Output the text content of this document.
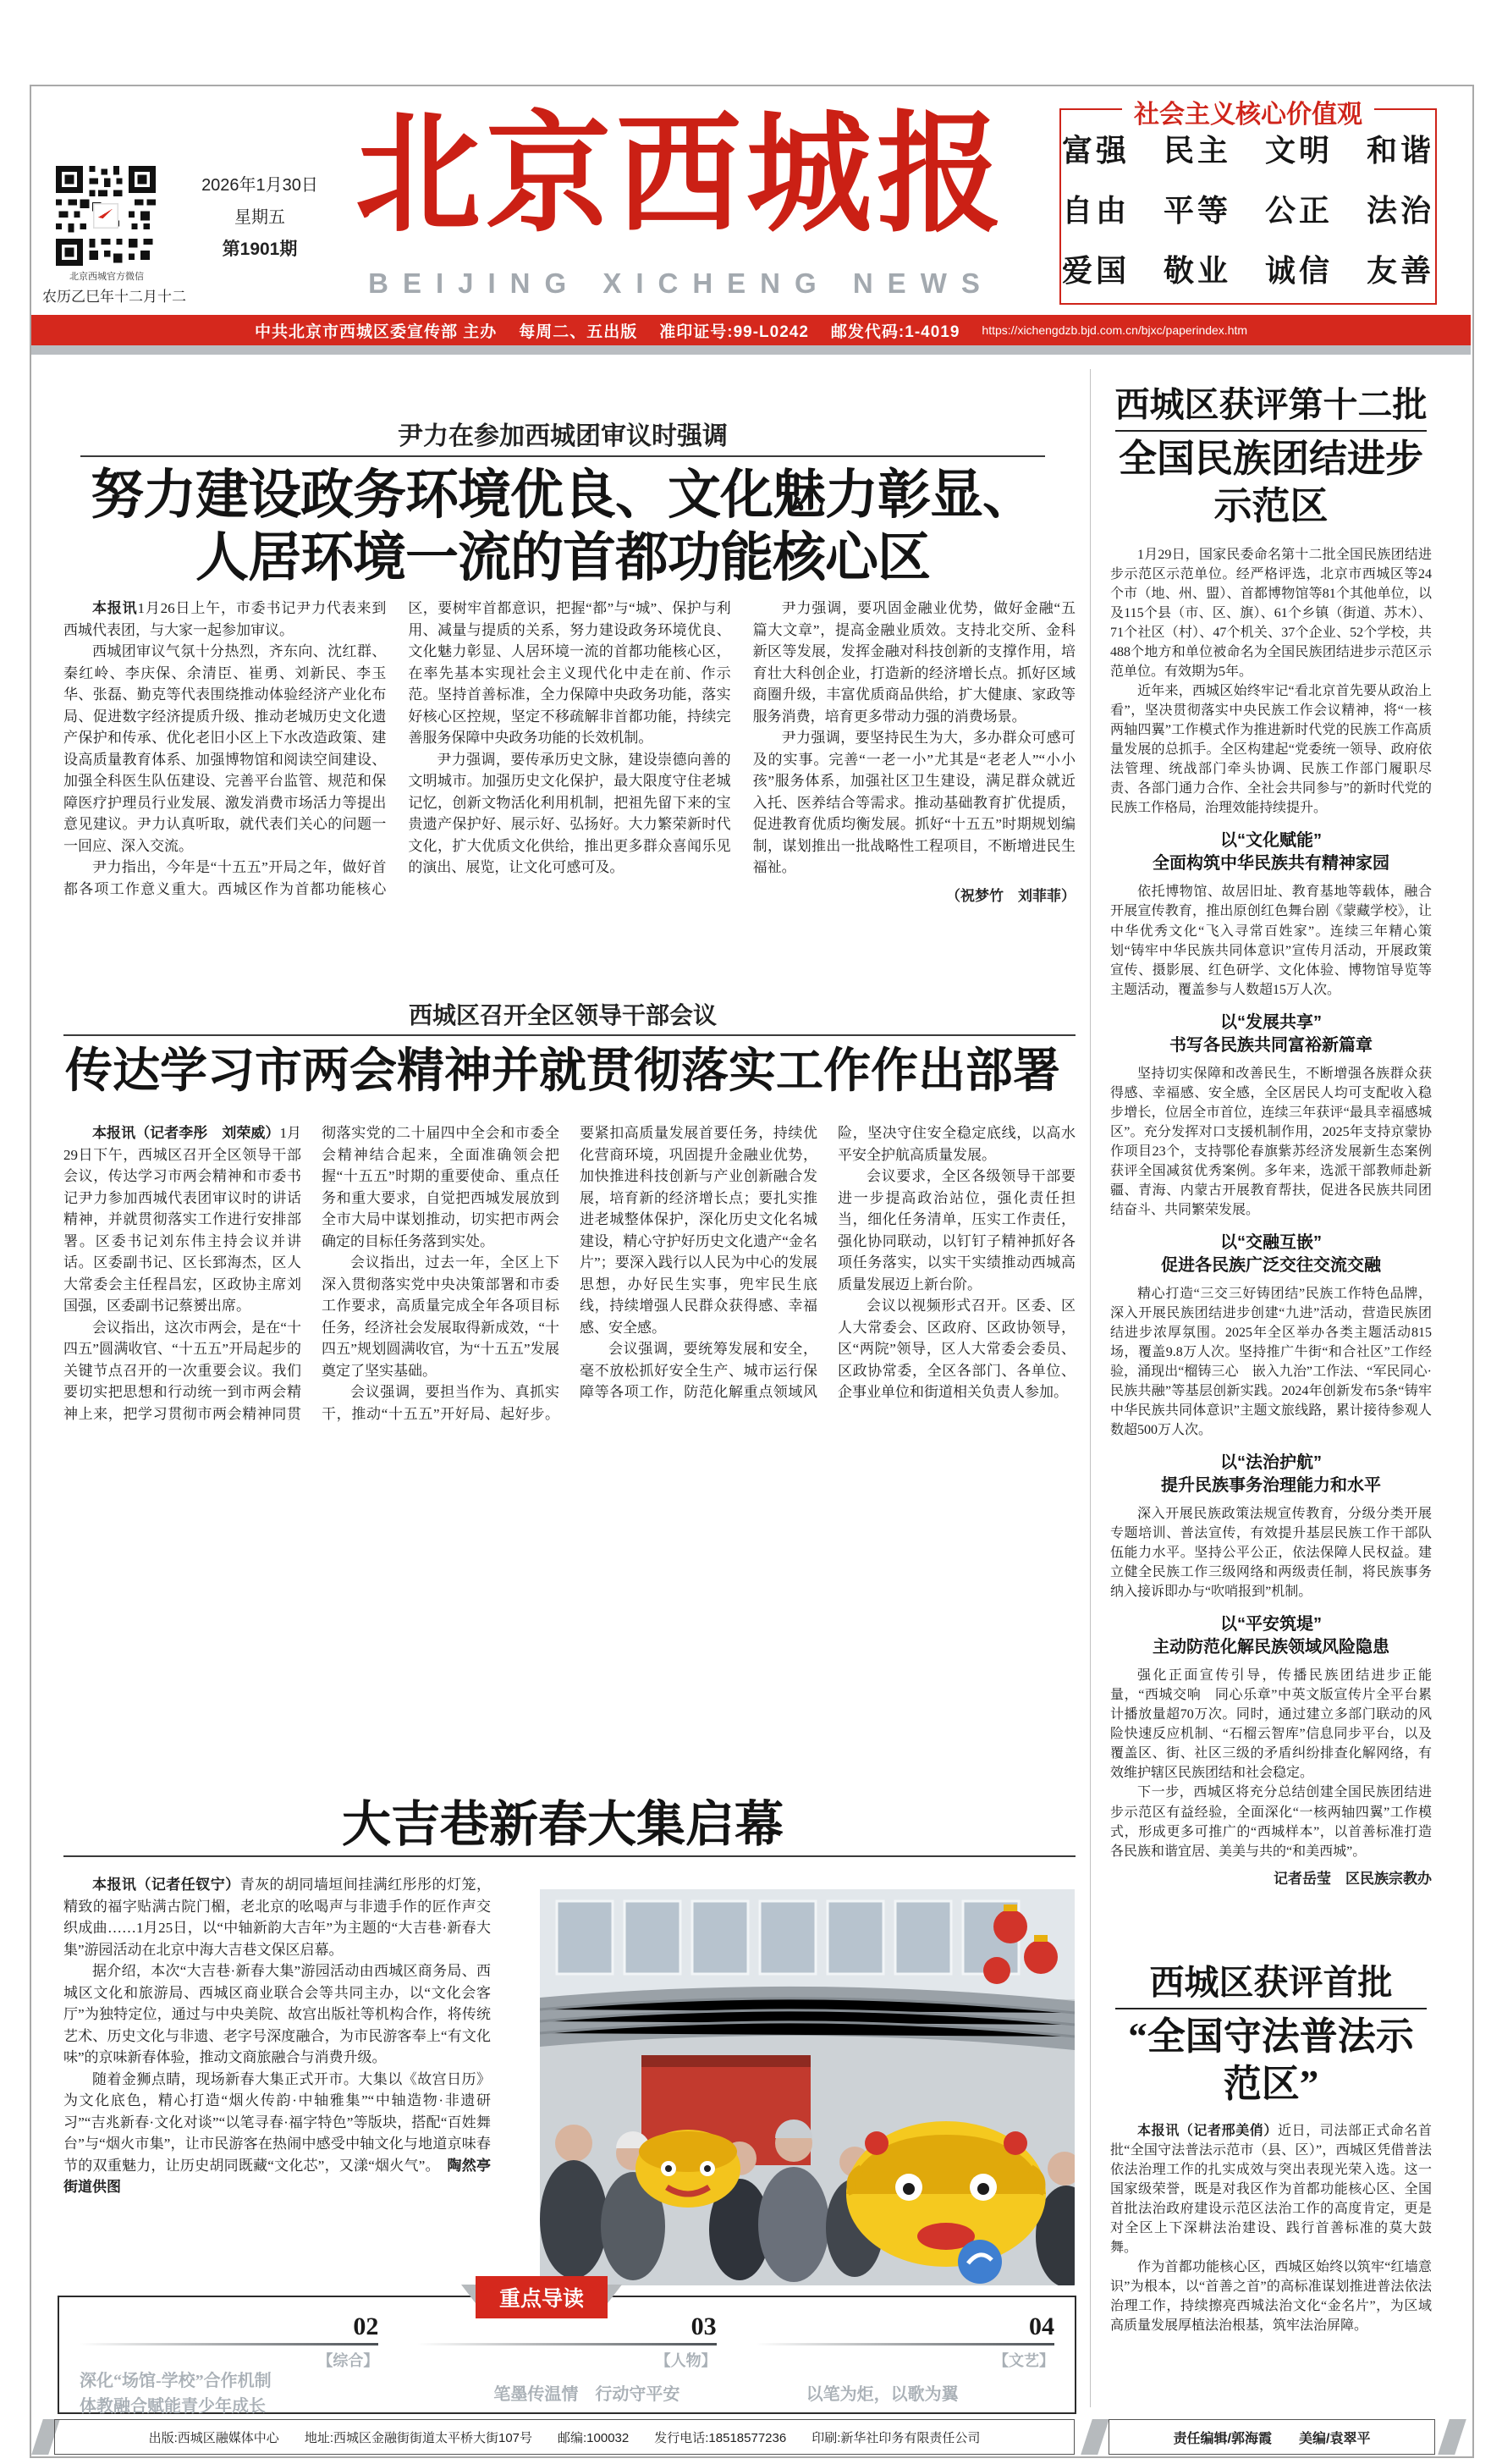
北京西城官方微信
2026年1月30日
星期五
第1901期
农历乙巳年十二月十二
北京西城报
BEIJING XICHENG NEWS
社会主义核心价值观
富强　民主　文明　和谐
自由　平等　公正　法治
爱国　敬业　诚信　友善
中共北京市西城区委宣传部 主办 每周二、五出版 准印证号:99-L0242 邮发代码:1-4019 https://xichengdzb.bjd.com.cn/bjxc/paperindex.htm
尹力在参加西城团审议时强调
努力建设政务环境优良、文化魅力彰显、
人居环境一流的首都功能核心区

本报讯1月26日上午，市委书记尹力代表来到西城代表团，与大家一起参加审议。

西城团审议气氛十分热烈，齐东向、沈红群、秦红岭、李庆保、余清臣、崔勇、刘新民、李玉华、张磊、勤克等代表围绕推动体验经济产业化布局、促进数字经济提质升级、推动老城历史文化遗产保护和传承、优化老旧小区上下水改造政策、建设高质量教育体系、加强博物馆和阅读空间建设、加强全科医生队伍建设、完善平台监管、规范和保障医疗护理员行业发展、激发消费市场活力等提出意见建议。尹力认真听取，就代表们关心的问题一一回应、深入交流。

尹力指出，今年是“十五五”开局之年，做好首都各项工作意义重大。西城区作为首都功能核心区，要树牢首都意识，把握“都”与“城”、保护与利用、减量与提质的关系，努力建设政务环境优良、文化魅力彰显、人居环境一流的首都功能核心区，在率先基本实现社会主义现代化中走在前、作示范。坚持首善标准，全力保障中央政务功能，落实好核心区控规，坚定不移疏解非首都功能，持续完善服务保障中央政务功能的长效机制。

尹力强调，要传承历史文脉，建设崇德向善的文明城市。加强历史文化保护，最大限度守住老城记忆，创新文物活化利用机制，把祖先留下来的宝贵遗产保护好、展示好、弘扬好。大力繁荣新时代文化，扩大优质文化供给，推出更多群众喜闻乐见的演出、展览，让文化可感可及。

尹力强调，要巩固金融业优势，做好金融“五篇大文章”，提高金融业质效。支持北交所、金科新区等发展，发挥金融对科技创新的支撑作用，培育壮大科创企业，打造新的经济增长点。抓好区域商圈升级，丰富优质商品供给，扩大健康、家政等服务消费，培育更多带动力强的消费场景。

尹力强调，要坚持民生为大，多办群众可感可及的实事。完善“一老一小”尤其是“老老人”“小小孩”服务体系，加强社区卫生建设，满足群众就近入托、医养结合等需求。推动基础教育扩优提质，促进教育优质均衡发展。抓好“十五五”时期规划编制，谋划推出一批战略性工程项目，不断增进民生福祉。

（祝梦竹　刘菲菲）
西城区召开全区领导干部会议
传达学习市两会精神并就贯彻落实工作作出部署

本报讯（记者李彤　刘荣威）1月29日下午，西城区召开全区领导干部会议，传达学习市两会精神和市委书记尹力参加西城代表团审议时的讲话精神，并就贯彻落实工作进行安排部署。区委书记刘东伟主持会议并讲话。区委副书记、区长郅海杰，区人大常委会主任程昌宏，区政协主席刘国强，区委副书记蔡赟出席。

会议指出，这次市两会，是在“十四五”圆满收官、“十五五”开局起步的关键节点召开的一次重要会议。我们要切实把思想和行动统一到市两会精神上来，把学习贯彻市两会精神同贯彻落实党的二十届四中全会和市委全会精神结合起来，全面准确领会把握“十五五”时期的重要使命、重点任务和重大要求，自觉把西城发展放到全市大局中谋划推动，切实把市两会确定的目标任务落到实处。

会议指出，过去一年，全区上下深入贯彻落实党中央决策部署和市委工作要求，高质量完成全年各项目标任务，经济社会发展取得新成效，“十四五”规划圆满收官，为“十五五”发展奠定了坚实基础。

会议强调，要担当作为、真抓实干，推动“十五五”开好局、起好步。要紧扣高质量发展首要任务，持续优化营商环境，巩固提升金融业优势，加快推进科技创新与产业创新融合发展，培育新的经济增长点；要扎实推进老城整体保护，深化历史文化名城建设，精心守护好历史文化遗产“金名片”；要深入践行以人民为中心的发展思想，办好民生实事，兜牢民生底线，持续增强人民群众获得感、幸福感、安全感。

会议强调，要统筹发展和安全，毫不放松抓好安全生产、城市运行保障等各项工作，防范化解重点领域风险，坚决守住安全稳定底线，以高水平安全护航高质量发展。

会议要求，全区各级领导干部要进一步提高政治站位，强化责任担当，细化任务清单，压实工作责任，强化协同联动，以钉钉子精神抓好各项任务落实，以实干实绩推动西城高质量发展迈上新台阶。

会议以视频形式召开。区委、区人大常委会、区政府、区政协领导，区“两院”领导，区人大常委会委员、区政协常委，全区各部门、各单位、企事业单位和街道相关负责人参加。

大吉巷新春大集启幕

本报讯（记者任钗宁）青灰的胡同墙垣间挂满红彤彤的灯笼，精致的福字贴满古院门楣，老北京的吆喝声与非遗手作的匠作声交织成曲……1月25日，以“中轴新韵大吉年”为主题的“大吉巷·新春大集”游园活动在北京中海大吉巷文保区启幕。

据介绍，本次“大吉巷·新春大集”游园活动由西城区商务局、西城区文化和旅游局、西城区商业联合会等共同主办，以“文化会客厅”为独特定位，通过与中央美院、故宫出版社等机构合作，将传统艺术、历史文化与非遗、老字号深度融合，为市民游客奉上“有文化味”的京味新春体验，推动文商旅融合与消费升级。

随着金狮点睛，现场新春大集正式开市。大集以《故宫日历》为文化底色，精心打造“烟火传韵·中轴雅集”“中轴造物·非遗研习”“吉兆新春·文化对谈”“以笔寻春·福字特色”等版块，搭配“百姓舞台”与“烟火市集”，让市民游客在热闹中感受中轴文化与地道京味春节的双重魅力，让历史胡同既藏“文化芯”，又漾“烟火气”。　 陶然亭街道供图

西城区获评第十二批
全国民族团结进步示范区

1月29日，国家民委命名第十二批全国民族团结进步示范区示范单位。经严格评选，北京市西城区等24个市（地、州、盟）、首都博物馆等81个其他单位，以及115个县（市、区、旗）、61个乡镇（街道、苏木）、71个社区（村）、47个机关、37个企业、52个学校，共488个地方和单位被命名为全国民族团结进步示范区示范单位。有效期为5年。

近年来，西城区始终牢记“看北京首先要从政治上看”，坚决贯彻落实中央民族工作会议精神，将“一核两轴四翼”工作模式作为推进新时代党的民族工作高质量发展的总抓手。全区构建起“党委统一领导、政府依法管理、统战部门牵头协调、民族工作部门履职尽责、各部门通力合作、全社会共同参与”的新时代党的民族工作格局，治理效能持续提升。

以“文化赋能”
全面构筑中华民族共有精神家园

依托博物馆、故居旧址、教育基地等载体，融合开展宣传教育，推出原创红色舞台剧《蒙藏学校》，让中华优秀文化“飞入寻常百姓家”。连续三年精心策划“铸牢中华民族共同体意识”宣传月活动，开展政策宣传、摄影展、红色研学、文化体验、博物馆导览等主题活动，覆盖参与人数超15万人次。

以“发展共享”
书写各民族共同富裕新篇章

坚持切实保障和改善民生，不断增强各族群众获得感、幸福感、安全感，全区居民人均可支配收入稳步增长，位居全市首位，连续三年获评“最具幸福感城区”。充分发挥对口支援机制作用，2025年支持京蒙协作项目23个，支持鄂伦春旗紫苏经济发展新生态案例获评全国减贫优秀案例。多年来，选派干部教师赴新疆、青海、内蒙古开展教育帮扶，促进各民族共同团结奋斗、共同繁荣发展。

以“交融互嵌”
促进各民族广泛交往交流交融

精心打造“三交三好铸团结”民族工作特色品牌，深入开展民族团结进步创建“九进”活动，营造民族团结进步浓厚氛围。2025年全区举办各类主题活动815场，覆盖9.8万人次。坚持推广牛街“和合社区”工作经验，涌现出“榴铸三心　嵌入九治”工作法、“军民同心·民族共融”等基层创新实践。2024年创新发布5条“铸牢中华民族共同体意识”主题文旅线路，累计接待参观人数超500万人次。

以“法治护航”
提升民族事务治理能力和水平

深入开展民族政策法规宣传教育，分级分类开展专题培训、普法宣传，有效提升基层民族工作干部队伍能力水平。坚持公平公正，依法保障人民权益。建立健全民族工作三级网络和两级责任制，将民族事务纳入接诉即办与“吹哨报到”机制。

以“平安筑堤”
主动防范化解民族领域风险隐患

强化正面宣传引导，传播民族团结进步正能量，“西城交响　同心乐章”中英文版宣传片全平台累计播放量超70万次。同时，通过建立多部门联动的风险快速反应机制、“石榴云智库”信息同步平台，以及覆盖区、街、社区三级的矛盾纠纷排查化解网络，有效维护辖区民族团结和社会稳定。

下一步，西城区将充分总结创建全国民族团结进步示范区有益经验，全面深化“一核两轴四翼”工作模式，形成更多可推广的“西城样本”，以首善标准打造各民族和谐宜居、美美与共的“和美西城”。

记者岳莹　区民族宗教办
西城区获评首批
“全国守法普法示范区”

本报讯（记者邢美俏）近日，司法部正式命名首批“全国守法普法示范市（县、区）”，西城区凭借普法依法治理工作的扎实成效与突出表现光荣入选。这一国家级荣誉，既是对我区作为首都功能核心区、全国首批法治政府建设示范区法治工作的高度肯定，更是对全区上下深耕法治建设、践行首善标准的莫大鼓舞。

作为首都功能核心区，西城区始终以筑牢“红墙意识”为根本，以“首善之首”的高标准谋划推进普法依法治理工作，持续擦亮西城法治文化“金名片”，为区域高质量发展厚植法治根基，筑牢法治屏障。

重点导读
02
【综合】
深化“场馆-学校”合作机制
体教融合赋能青少年成长
03
【人物】
笔墨传温情　行动守平安
04
【文艺】
以笔为炬，以歌为翼
出版:西城区融媒体中心 地址:西城区金融街街道太平桥大街107号 邮编:100032 发行电话:18518577236 印刷:新华社印务有限责任公司	责任编辑/郭海霞　　美编/袁翠平
